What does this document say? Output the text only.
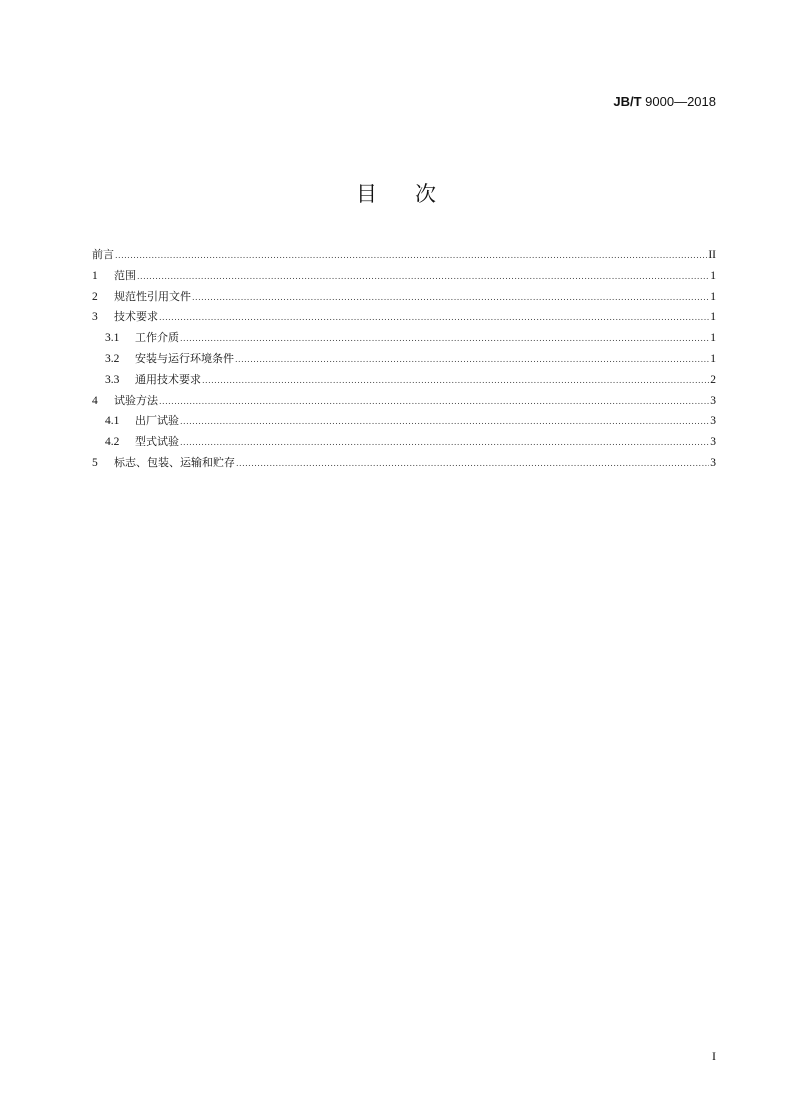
JB/T 9000—2018
目次
前言 .....	II
1	范围 .....	1
2	规范性引用文件 .....	1
3	技术要求 .....	1
3.1	工作介质 .....	1
3.2	安装与运行环境条件 .....	1
3.3	通用技术要求 .....	2
4	试验方法 .....	3
4.1	出厂试验 .....	3
4.2	型式试验 .....	3
5	标志、包装、运输和贮存 .....	3
I
